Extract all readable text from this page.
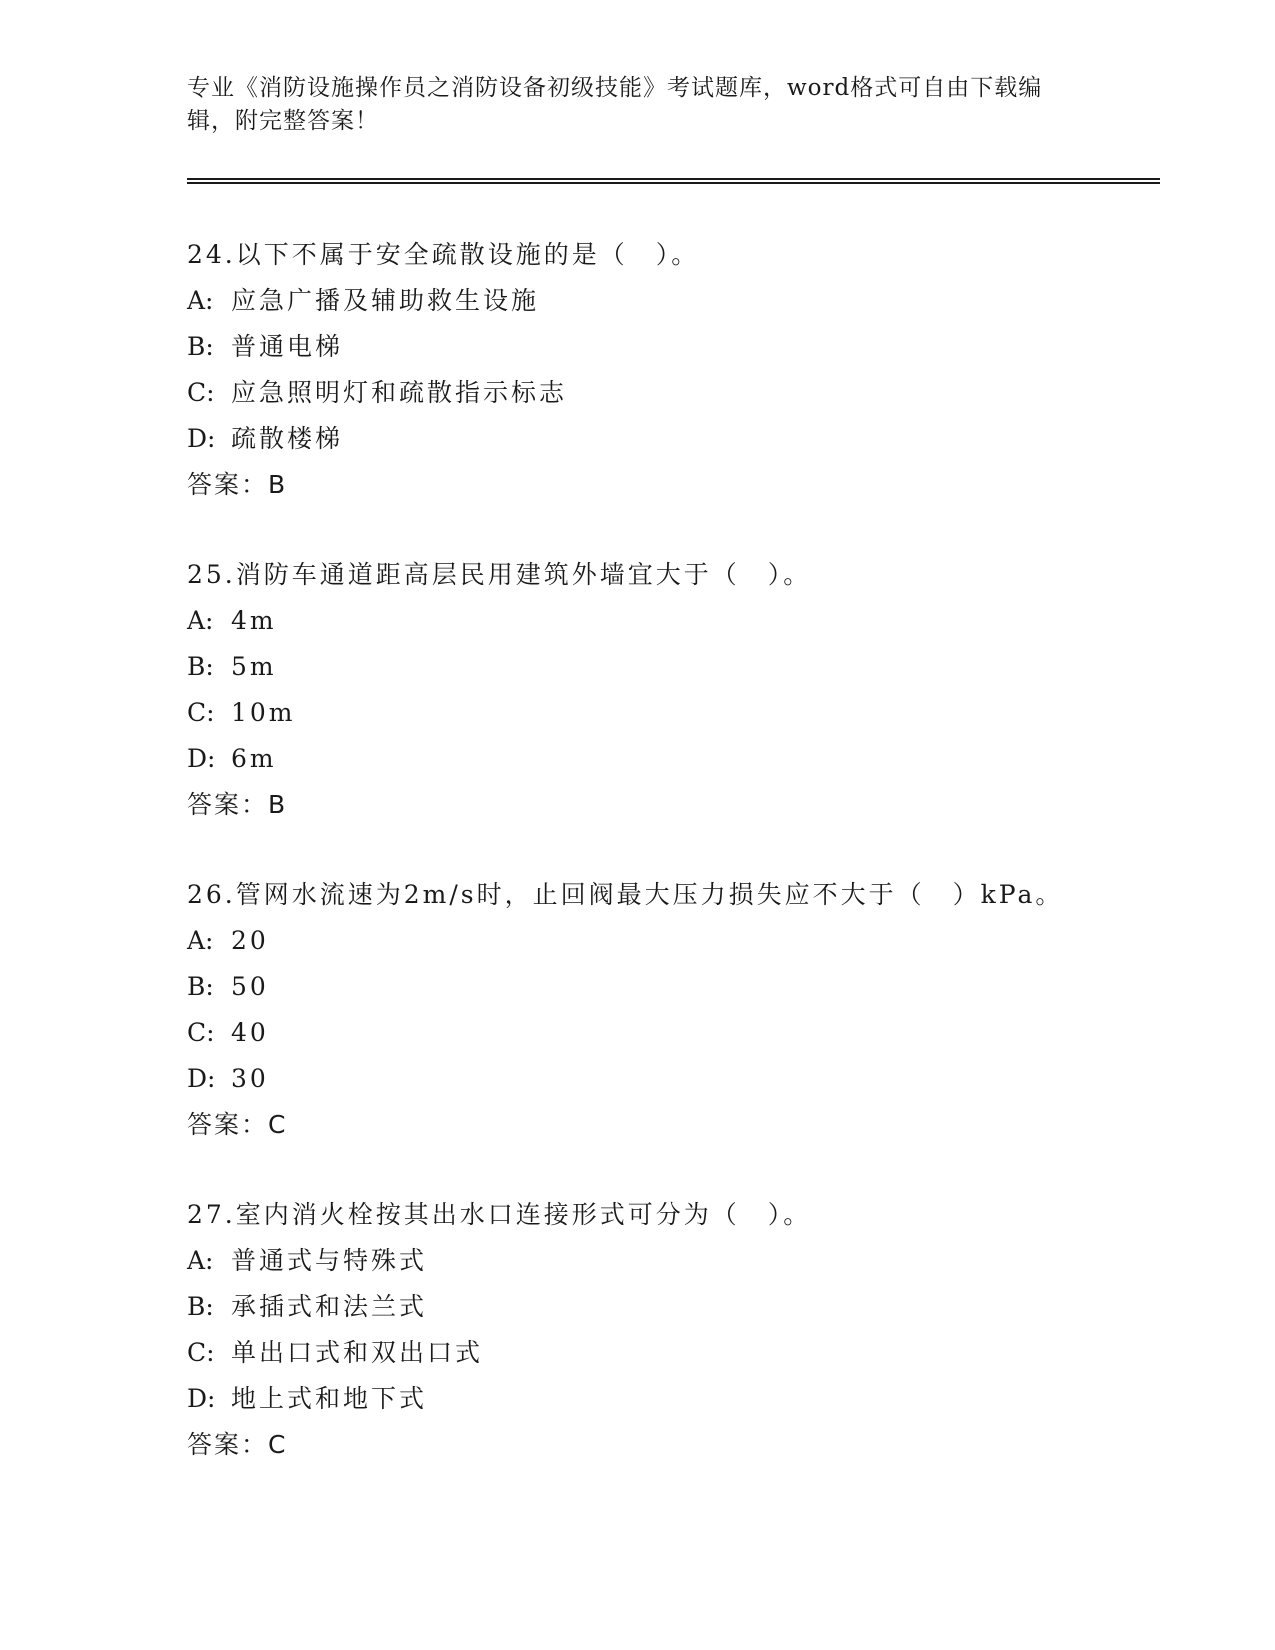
专业《消防设施操作员之消防设备初级技能》考试题库，word格式可自由下载编
辑，附完整答案！
24.以下不属于安全疏散设施的是（　）。
A: 应急广播及辅助救生设施
B: 普通电梯
C: 应急照明灯和疏散指示标志
D: 疏散楼梯
答案：B
25.消防车通道距高层民用建筑外墙宜大于（　）。
A: 4m
B: 5m
C: 10m
D: 6m
答案：B
26.管网水流速为2m/s时，止回阀最大压力损失应不大于（　）kPa。
A: 20
B: 50
C: 40
D: 30
答案：C
27.室内消火栓按其出水口连接形式可分为（　）。
A: 普通式与特殊式
B: 承插式和法兰式
C: 单出口式和双出口式
D: 地上式和地下式
答案：C
